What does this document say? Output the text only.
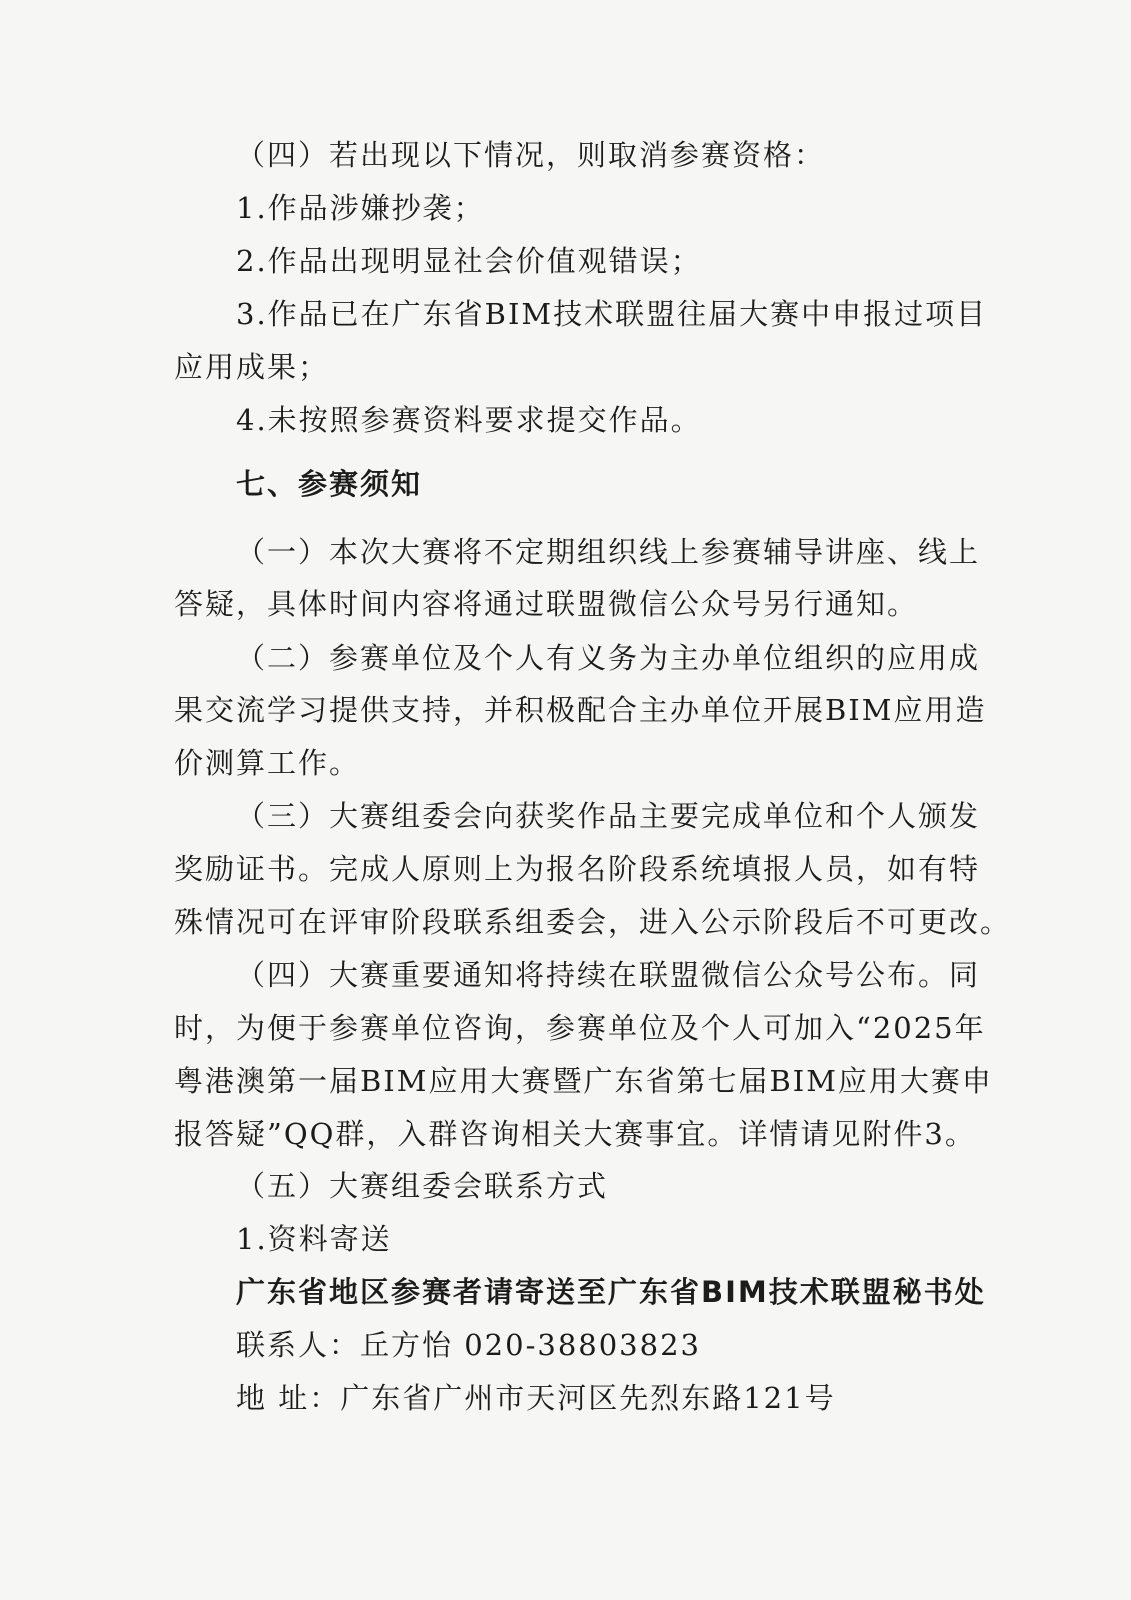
（四）若出现以下情况，则取消参赛资格：
1.作品涉嫌抄袭；
2.作品出现明显社会价值观错误；
3.作品已在广东省BIM技术联盟往届大赛中申报过项目
应用成果；
4.未按照参赛资料要求提交作品。
七、参赛须知
（一）本次大赛将不定期组织线上参赛辅导讲座、线上
答疑，具体时间内容将通过联盟微信公众号另行通知。
（二）参赛单位及个人有义务为主办单位组织的应用成
果交流学习提供支持，并积极配合主办单位开展BIM应用造
价测算工作。
（三）大赛组委会向获奖作品主要完成单位和个人颁发
奖励证书。完成人原则上为报名阶段系统填报人员，如有特
殊情况可在评审阶段联系组委会，进入公示阶段后不可更改。
（四）大赛重要通知将持续在联盟微信公众号公布。同
时，为便于参赛单位咨询，参赛单位及个人可加入“2025年
粤港澳第一届BIM应用大赛暨广东省第七届BIM应用大赛申
报答疑”QQ群，入群咨询相关大赛事宜。详情请见附件3。
（五）大赛组委会联系方式
1.资料寄送
广东省地区参赛者请寄送至广东省BIM技术联盟秘书处
联系人：丘方怡 020-38803823
地 址：广东省广州市天河区先烈东路121号
